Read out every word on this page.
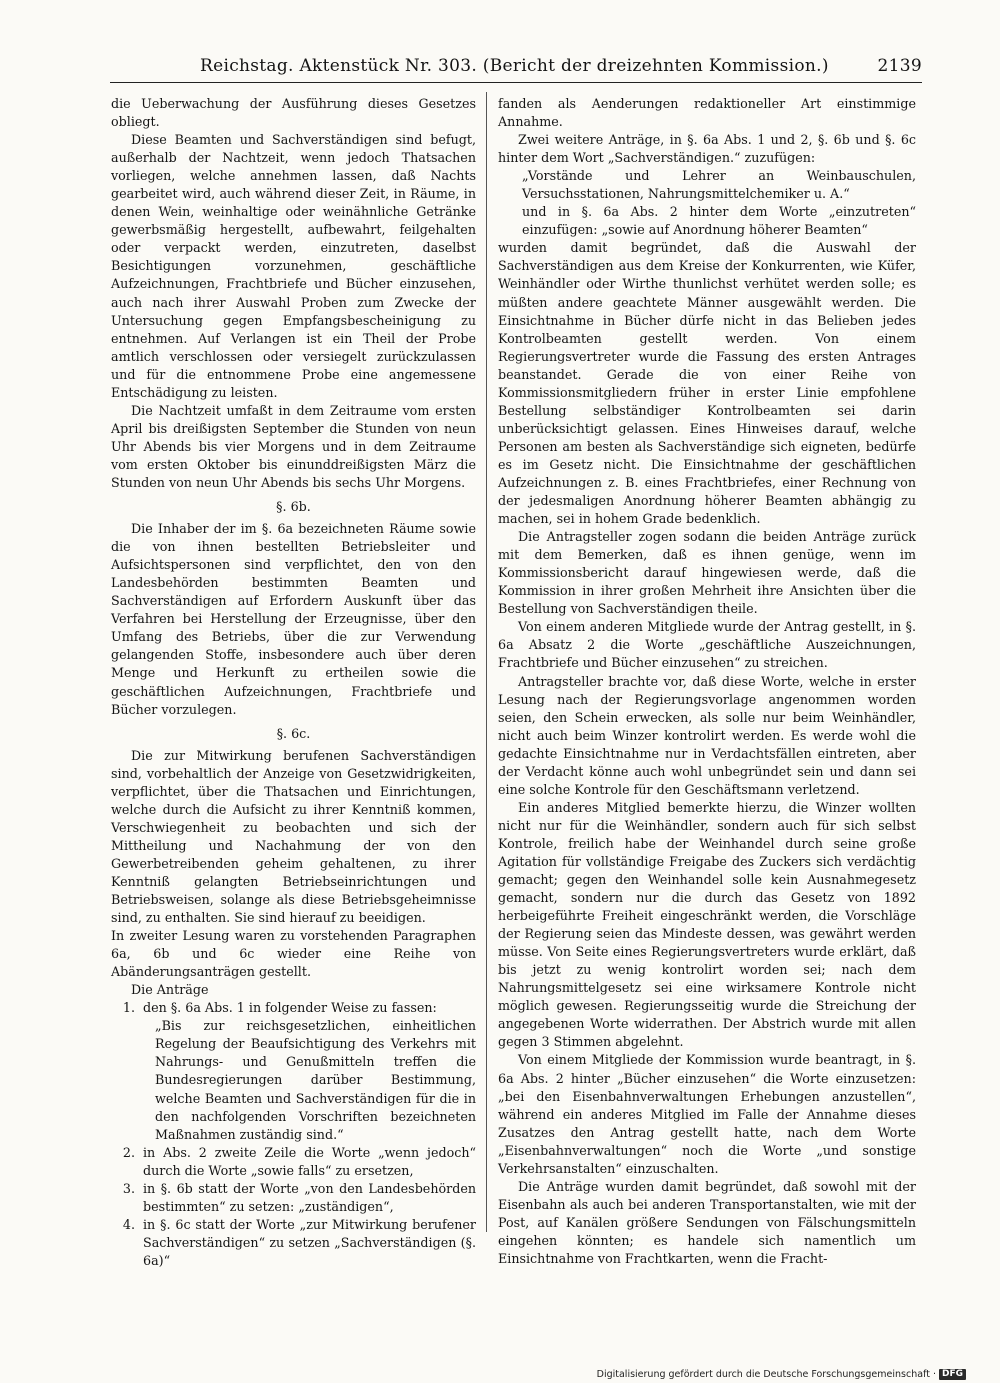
Reichstag. Aktenstück Nr. 303. (Bericht der dreizehnten Kommission.)	2139

die Ueberwachung der Ausführung dieses Gesetzes obliegt.

Diese Beamten und Sachverständigen sind befugt, außerhalb der Nachtzeit, wenn jedoch Thatsachen vorliegen, welche annehmen lassen, daß Nachts gearbeitet wird, auch während dieser Zeit, in Räume, in denen Wein, weinhaltige oder weinähnliche Getränke gewerbsmäßig hergestellt, aufbewahrt, feilgehalten oder verpackt werden, einzutreten, daselbst Besichtigungen vorzunehmen, geschäftliche Aufzeichnungen, Frachtbriefe und Bücher einzusehen, auch nach ihrer Auswahl Proben zum Zwecke der Untersuchung gegen Empfangsbescheinigung zu entnehmen. Auf Verlangen ist ein Theil der Probe amtlich verschlossen oder versiegelt zurückzulassen und für die entnommene Probe eine angemessene Entschädigung zu leisten.

Die Nachtzeit umfaßt in dem Zeitraume vom ersten April bis dreißigsten September die Stunden von neun Uhr Abends bis vier Morgens und in dem Zeitraume vom ersten Oktober bis einunddreißigsten März die Stunden von neun Uhr Abends bis sechs Uhr Morgens.

§. 6b.

Die Inhaber der im §. 6a bezeichneten Räume sowie die von ihnen bestellten Betriebsleiter und Aufsichtspersonen sind verpflichtet, den von den Landesbehörden bestimmten Beamten und Sachverständigen auf Erfordern Auskunft über das Verfahren bei Herstellung der Erzeugnisse, über den Umfang des Betriebs, über die zur Verwendung gelangenden Stoffe, insbesondere auch über deren Menge und Herkunft zu ertheilen sowie die geschäftlichen Aufzeichnungen, Frachtbriefe und Bücher vorzulegen.

§. 6c.

Die zur Mitwirkung berufenen Sachverständigen sind, vorbehaltlich der Anzeige von Gesetzwidrigkeiten, verpflichtet, über die Thatsachen und Einrichtungen, welche durch die Aufsicht zu ihrer Kenntniß kommen, Verschwiegenheit zu beobachten und sich der Mittheilung und Nachahmung der von den Gewerbetreibenden geheim gehaltenen, zu ihrer Kenntniß gelangten Betriebseinrichtungen und Betriebsweisen, solange als diese Betriebsgeheimnisse sind, zu enthalten. Sie sind hierauf zu beeidigen.

In zweiter Lesung waren zu vorstehenden Paragraphen 6a, 6b und 6c wieder eine Reihe von Abänderungsanträgen gestellt.

Die Anträge

1. den §. 6a Abs. 1 in folgender Weise zu fassen:

„Bis zur reichsgesetzlichen, einheitlichen Regelung der Beaufsichtigung des Verkehrs mit Nahrungs- und Genußmitteln treffen die Bundesregierungen darüber Bestimmung, welche Beamten und Sachverständigen für die in den nachfolgenden Vorschriften bezeichneten Maßnahmen zuständig sind.“

2. in Abs. 2 zweite Zeile die Worte „wenn jedoch“ durch die Worte „sowie falls“ zu ersetzen,

3. in §. 6b statt der Worte „von den Landesbehörden bestimmten“ zu setzen: „zuständigen“,

4. in §. 6c statt der Worte „zur Mitwirkung berufener Sachverständigen“ zu setzen „Sachverständigen (§. 6a)“

fanden als Aenderungen redaktioneller Art einstimmige Annahme.

Zwei weitere Anträge, in §. 6a Abs. 1 und 2, §. 6b und §. 6c hinter dem Wort „Sachverständigen.“ zuzufügen:

„Vorstände und Lehrer an Weinbauschulen, Versuchsstationen, Nahrungsmittelchemiker u. A.“

und in §. 6a Abs. 2 hinter dem Worte „einzutreten“ einzufügen: „sowie auf Anordnung höherer Beamten“

wurden damit begründet, daß die Auswahl der Sachverständigen aus dem Kreise der Konkurrenten, wie Küfer, Weinhändler oder Wirthe thunlichst verhütet werden solle; es müßten andere geachtete Männer ausgewählt werden. Die Einsichtnahme in Bücher dürfe nicht in das Belieben jedes Kontrolbeamten gestellt werden. Von einem Regierungsvertreter wurde die Fassung des ersten Antrages beanstandet. Gerade die von einer Reihe von Kommissionsmitgliedern früher in erster Linie empfohlene Bestellung selbständiger Kontrolbeamten sei darin unberücksichtigt gelassen. Eines Hinweises darauf, welche Personen am besten als Sachverständige sich eigneten, bedürfe es im Gesetz nicht. Die Einsichtnahme der geschäftlichen Aufzeichnungen z. B. eines Frachtbriefes, einer Rechnung von der jedesmaligen Anordnung höherer Beamten abhängig zu machen, sei in hohem Grade bedenklich.

Die Antragsteller zogen sodann die beiden Anträge zurück mit dem Bemerken, daß es ihnen genüge, wenn im Kommissionsbericht darauf hingewiesen werde, daß die Kommission in ihrer großen Mehrheit ihre Ansichten über die Bestellung von Sachverständigen theile.

Von einem anderen Mitgliede wurde der Antrag gestellt, in §. 6a Absatz 2 die Worte „geschäftliche Auszeichnungen, Frachtbriefe und Bücher einzusehen“ zu streichen.

Antragsteller brachte vor, daß diese Worte, welche in erster Lesung nach der Regierungsvorlage angenommen worden seien, den Schein erwecken, als solle nur beim Weinhändler, nicht auch beim Winzer kontrolirt werden. Es werde wohl die gedachte Einsichtnahme nur in Verdachtsfällen eintreten, aber der Verdacht könne auch wohl unbegründet sein und dann sei eine solche Kontrole für den Geschäftsmann verletzend.

Ein anderes Mitglied bemerkte hierzu, die Winzer wollten nicht nur für die Weinhändler, sondern auch für sich selbst Kontrole, freilich habe der Weinhandel durch seine große Agitation für vollständige Freigabe des Zuckers sich verdächtig gemacht; gegen den Weinhandel solle kein Ausnahmegesetz gemacht, sondern nur die durch das Gesetz von 1892 herbeigeführte Freiheit eingeschränkt werden, die Vorschläge der Regierung seien das Mindeste dessen, was gewährt werden müsse. Von Seite eines Regierungsvertreters wurde erklärt, daß bis jetzt zu wenig kontrolirt worden sei; nach dem Nahrungsmittelgesetz sei eine wirksamere Kontrole nicht möglich gewesen. Regierungsseitig wurde die Streichung der angegebenen Worte widerrathen. Der Abstrich wurde mit allen gegen 3 Stimmen abgelehnt.

Von einem Mitgliede der Kommission wurde beantragt, in §. 6a Abs. 2 hinter „Bücher einzusehen“ die Worte einzusetzen: „bei den Eisenbahnverwaltungen Erhebungen anzustellen“, während ein anderes Mitglied im Falle der Annahme dieses Zusatzes den Antrag gestellt hatte, nach dem Worte „Eisenbahnverwaltungen“ noch die Worte „und sonstige Verkehrsanstalten“ einzuschalten.

Die Anträge wurden damit begründet, daß sowohl mit der Eisenbahn als auch bei anderen Transportanstalten, wie mit der Post, auf Kanälen größere Sendungen von Fälschungsmitteln eingehen könnten; es handele sich namentlich um Einsichtnahme von Frachtkarten, wenn die Fracht-

Digitalisierung gefördert durch die Deutsche Forschungsgemeinschaft · DFG
